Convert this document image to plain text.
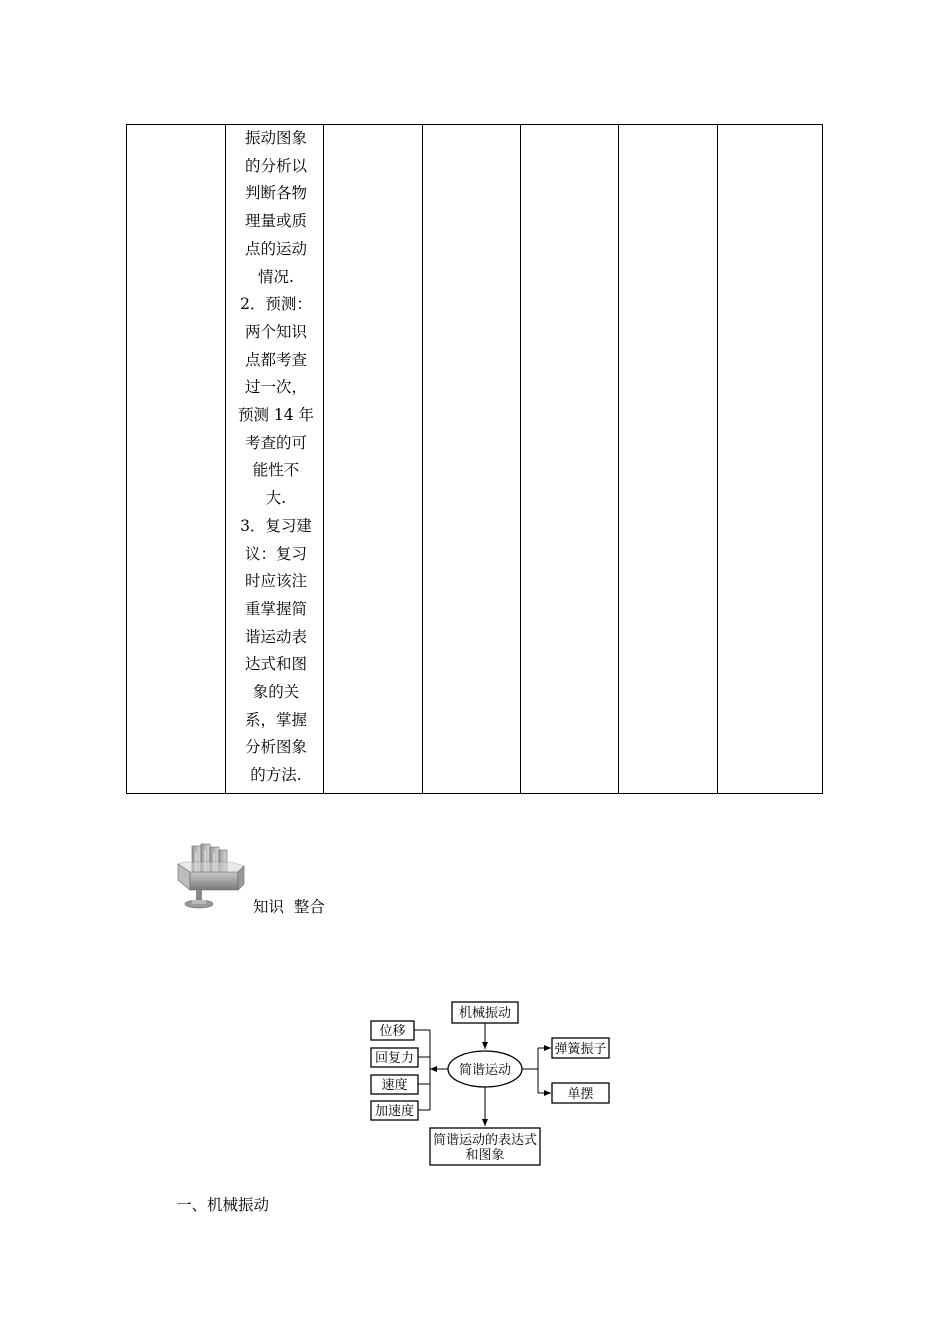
振动图象
的分析以
判断各物
理量或质
点的运动
情况.
2．预测：
两个知识
点都考查
过一次，
预测 14 年
考查的可
能性不
大.
3．复习建
议：复习
时应该注
重掌握简
谐运动表
达式和图
象的关
系，掌握
分析图象
的方法.
知识  整合
机械振动
简谐运动
位移
回复力
速度
加速度
弹簧振子
单摆
简谐运动的表达式
和图象
一、机械振动
